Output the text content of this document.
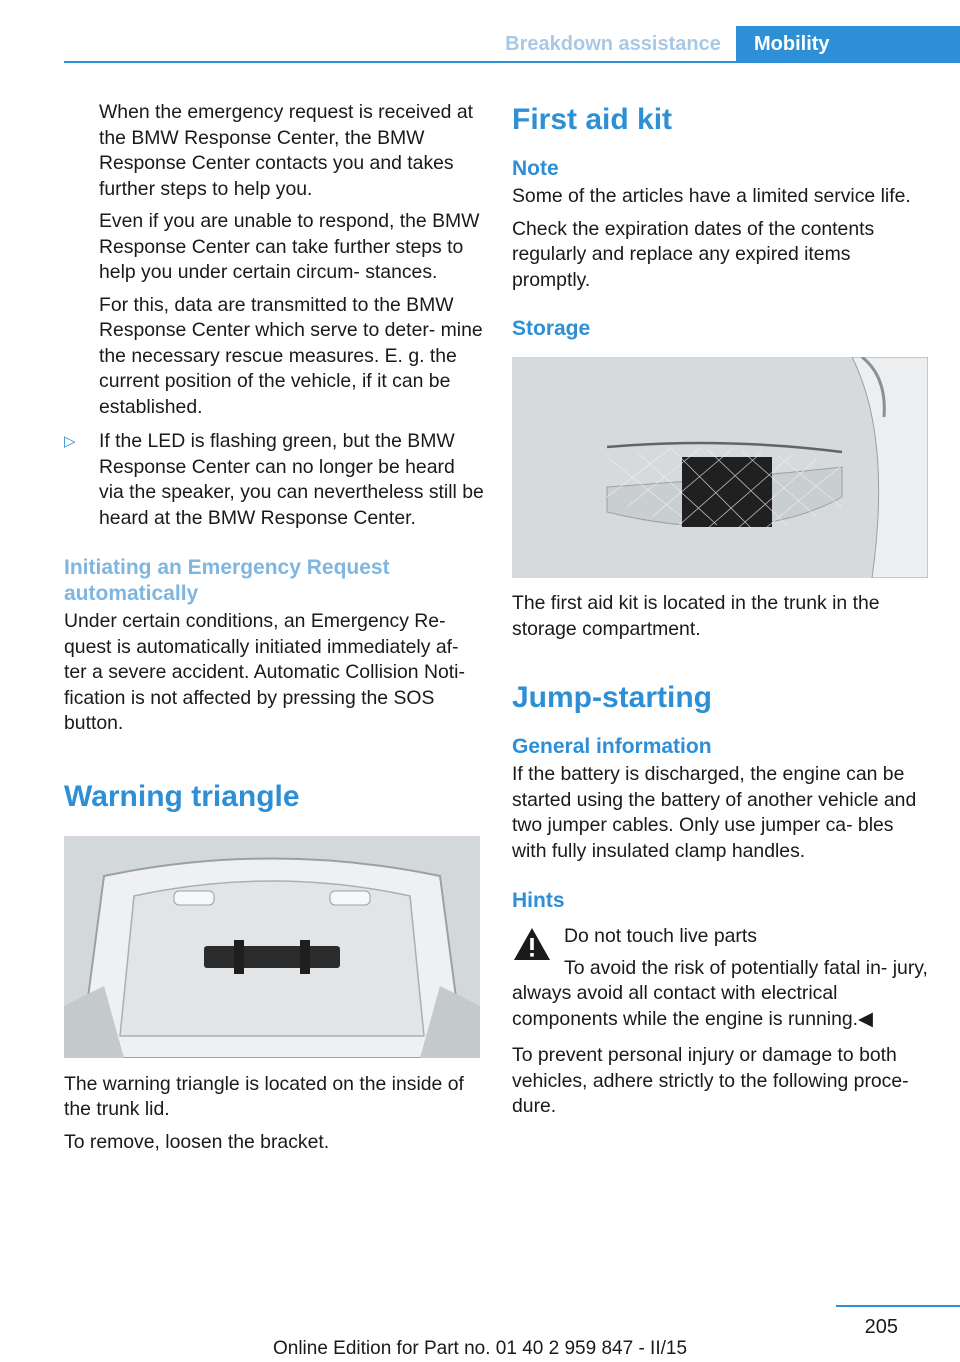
Breakdown assistance	Mobility

When the emergency request is received at the BMW Response Center, the BMW Response Center contacts you and takes further steps to help you.

Even if you are unable to respond, the BMW Response Center can take further steps to help you under certain circum‐ stances.

For this, data are transmitted to the BMW Response Center which serve to deter‐ mine the necessary rescue measures. E. g. the current position of the vehicle, if it can be established.

▷ If the LED is flashing green, but the BMW Response Center can no longer be heard via the speaker, you can nevertheless still be heard at the BMW Response Center.

Initiating an Emergency Request automatically

Under certain conditions, an Emergency Re‐ quest is automatically initiated immediately af‐ ter a severe accident. Automatic Collision Noti‐ fication is not affected by pressing the SOS button.

Warning triangle

The warning triangle is located on the inside of the trunk lid.

To remove, loosen the bracket.

First aid kit
Note

Some of the articles have a limited service life.

Check the expiration dates of the contents regularly and replace any expired items promptly.

Storage

The first aid kit is located in the trunk in the storage compartment.

Jump-starting
General information

If the battery is discharged, the engine can be started using the battery of another vehicle and two jumper cables. Only use jumper ca‐ bles with fully insulated clamp handles.

Hints

Do not touch live parts

To avoid the risk of potentially fatal in‐ jury, always avoid all contact with electrical components while the engine is running.◀

To prevent personal injury or damage to both vehicles, adhere strictly to the following proce‐ dure.

205
Online Edition for Part no. 01 40 2 959 847 - II/15
